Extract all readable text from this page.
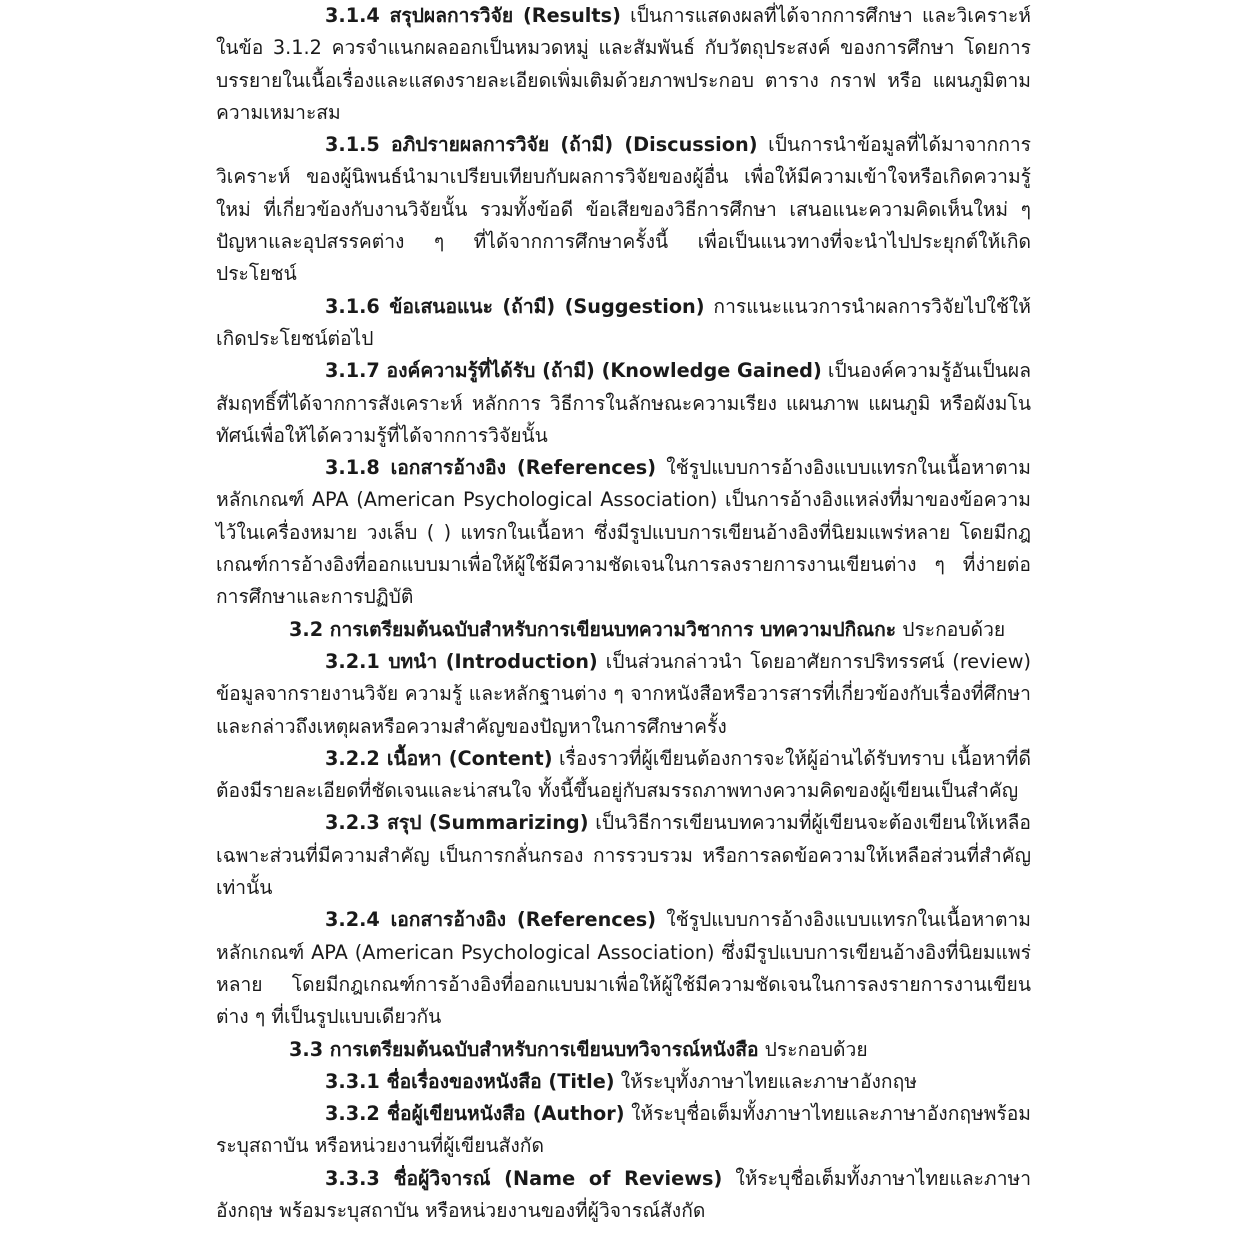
3.1.4 สรุปผลการวิจัย (Results) เป็นการแสดงผลที่ได้จากการศึกษา และวิเคราะห์ในข้อ 3.1.2 ควรจำแนกผลออกเป็นหมวดหมู่ และสัมพันธ์ กับวัตถุประสงค์ ของการศึกษา โดยการบรรยายในเนื้อเรื่องและแสดงรายละเอียดเพิ่มเติมด้วยภาพประกอบ ตาราง กราฟ หรือ แผนภูมิตามความเหมาะสม

3.1.5 อภิปรายผลการวิจัย (ถ้ามี) (Discussion) เป็นการนำข้อมูลที่ได้มาจากการวิเคราะห์ ของผู้นิพนธ์นำมาเปรียบเทียบกับผลการวิจัยของผู้อื่น เพื่อให้มีความเข้าใจหรือเกิดความรู้ใหม่ ที่เกี่ยวข้องกับงานวิจัยนั้น รวมทั้งข้อดี ข้อเสียของวิธีการศึกษา เสนอแนะความคิดเห็นใหม่ ๆ ปัญหาและอุปสรรคต่าง ๆ ที่ได้จากการศึกษาครั้งนี้ เพื่อเป็นแนวทางที่จะนำไปประยุกต์ให้เกิดประโยชน์

3.1.6 ข้อเสนอแนะ (ถ้ามี) (Suggestion) การแนะแนวการนำผลการวิจัยไปใช้ให้เกิดประโยชน์ต่อไป

3.1.7 องค์ความรู้ที่ได้รับ (ถ้ามี) (Knowledge Gained) เป็นองค์ความรู้อันเป็นผลสัมฤทธิ์ที่ได้จากการสังเคราะห์ หลักการ วิธีการในลักษณะความเรียง แผนภาพ แผนภูมิ หรือผังมโนทัศน์เพื่อให้ได้ความรู้ที่ได้จากการวิจัยนั้น

3.1.8 เอกสารอ้างอิง (References) ใช้รูปแบบการอ้างอิงแบบแทรกในเนื้อหาตามหลักเกณฑ์ APA (American Psychological Association) เป็นการอ้างอิงแหล่งที่มาของข้อความไว้ในเครื่องหมาย วงเล็บ ( ) แทรกในเนื้อหา ซึ่งมีรูปแบบการเขียนอ้างอิงที่นิยมแพร่หลาย โดยมีกฎเกณฑ์การอ้างอิงที่ออกแบบมาเพื่อให้ผู้ใช้มีความชัดเจนในการลงรายการงานเขียนต่าง ๆ ที่ง่ายต่อการศึกษาและการปฏิบัติ

3.2 การเตรียมต้นฉบับสำหรับการเขียนบทความวิชาการ บทความปกิณกะ ประกอบด้วย

3.2.1 บทนำ (Introduction) เป็นส่วนกล่าวนำ โดยอาศัยการปริทรรศน์ (review) ข้อมูลจากรายงานวิจัย ความรู้ และหลักฐานต่าง ๆ จากหนังสือหรือวารสารที่เกี่ยวข้องกับเรื่องที่ศึกษา และกล่าวถึงเหตุผลหรือความสำคัญของปัญหาในการศึกษาครั้ง

3.2.2 เนื้อหา (Content) เรื่องราวที่ผู้เขียนต้องการจะให้ผู้อ่านได้รับทราบ เนื้อหาที่ดีต้องมีรายละเอียดที่ชัดเจนและน่าสนใจ ทั้งนี้ขึ้นอยู่กับสมรรถภาพทางความคิดของผู้เขียนเป็นสำคัญ

3.2.3 สรุป (Summarizing) เป็นวิธีการเขียนบทความที่ผู้เขียนจะต้องเขียนให้เหลือเฉพาะส่วนที่มีความสำคัญ เป็นการกลั่นกรอง การรวบรวม หรือการลดข้อความให้เหลือส่วนที่สำคัญเท่านั้น

3.2.4 เอกสารอ้างอิง (References) ใช้รูปแบบการอ้างอิงแบบแทรกในเนื้อหาตามหลักเกณฑ์ APA (American Psychological Association) ซึ่งมีรูปแบบการเขียนอ้างอิงที่นิยมแพร่หลาย โดยมีกฎเกณฑ์การอ้างอิงที่ออกแบบมาเพื่อให้ผู้ใช้มีความชัดเจนในการลงรายการงานเขียนต่าง ๆ ที่เป็นรูปแบบเดียวกัน

3.3 การเตรียมต้นฉบับสำหรับการเขียนบทวิจารณ์หนังสือ ประกอบด้วย

3.3.1 ชื่อเรื่องของหนังสือ (Title) ให้ระบุทั้งภาษาไทยและภาษาอังกฤษ

3.3.2 ชื่อผู้เขียนหนังสือ (Author) ให้ระบุชื่อเต็มทั้งภาษาไทยและภาษาอังกฤษพร้อมระบุสถาบัน หรือหน่วยงานที่ผู้เขียนสังกัด

3.3.3 ชื่อผู้วิจารณ์ (Name of Reviews) ให้ระบุชื่อเต็มทั้งภาษาไทยและภาษาอังกฤษ พร้อมระบุสถาบัน หรือหน่วยงานของที่ผู้วิจารณ์สังกัด
